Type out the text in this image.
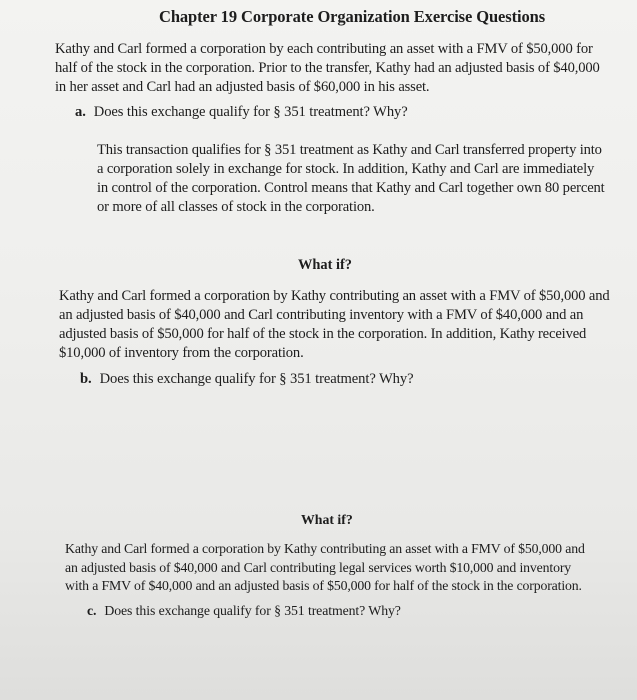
Chapter 19 Corporate Organization Exercise Questions
Kathy and Carl formed a corporation by each contributing an asset with a FMV of $50,000 for
half of the stock in the corporation. Prior to the transfer, Kathy had an adjusted basis of $40,000
in her asset and Carl had an adjusted basis of $60,000 in his asset.
a. Does this exchange qualify for § 351 treatment? Why?
This transaction qualifies for § 351 treatment as Kathy and Carl transferred property into
a corporation solely in exchange for stock. In addition, Kathy and Carl are immediately
in control of the corporation. Control means that Kathy and Carl together own 80 percent
or more of all classes of stock in the corporation.
What if?
Kathy and Carl formed a corporation by Kathy contributing an asset with a FMV of $50,000 and
an adjusted basis of $40,000 and Carl contributing inventory with a FMV of $40,000 and an
adjusted basis of $50,000 for half of the stock in the corporation. In addition, Kathy received
$10,000 of inventory from the corporation.
b. Does this exchange qualify for § 351 treatment? Why?
What if?
Kathy and Carl formed a corporation by Kathy contributing an asset with a FMV of $50,000 and
an adjusted basis of $40,000 and Carl contributing legal services worth $10,000 and inventory
with a FMV of $40,000 and an adjusted basis of $50,000 for half of the stock in the corporation.
c. Does this exchange qualify for § 351 treatment? Why?
